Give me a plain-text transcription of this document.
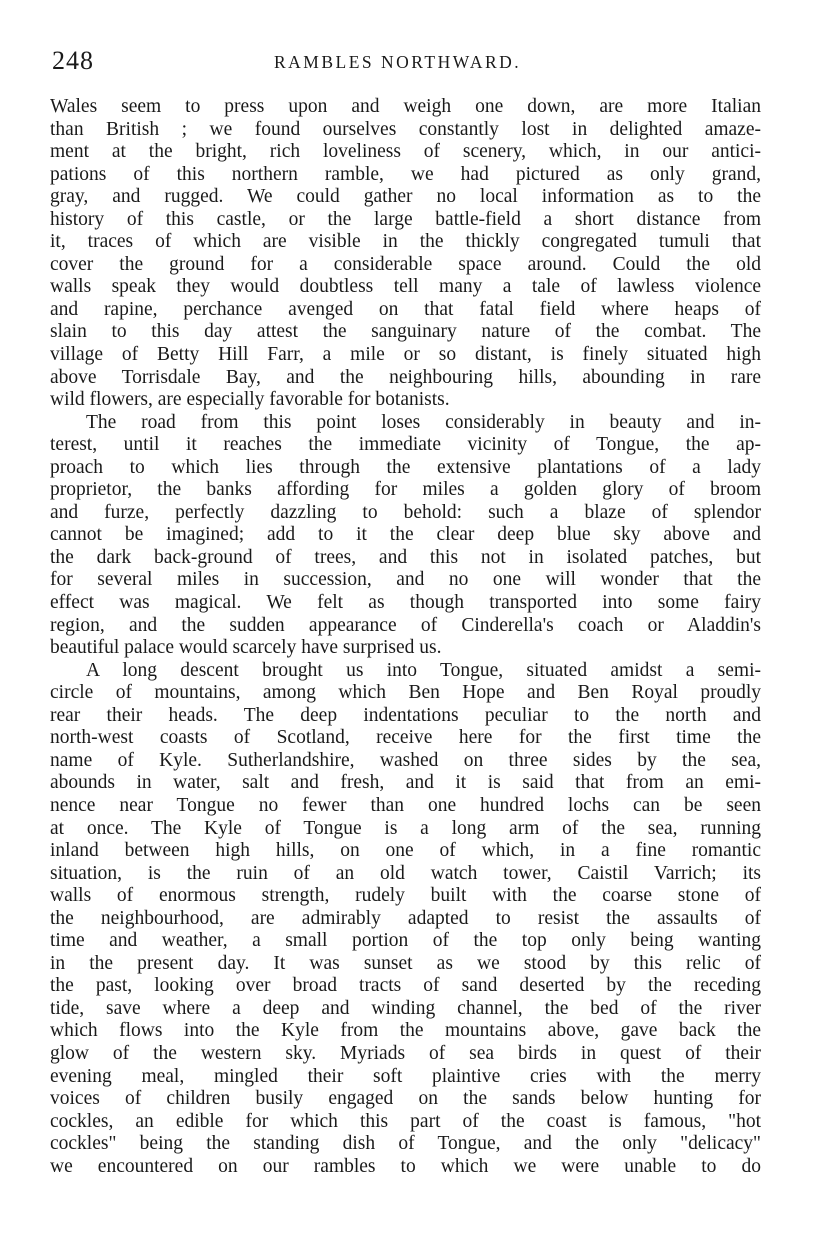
248	RAMBLES NORTHWARD.
Wales seem to press upon and weigh one down, are more Italian
than British ; we found ourselves constantly lost in delighted amaze-
ment at the bright, rich loveliness of scenery, which, in our antici-
pations of this northern ramble, we had pictured as only grand,
gray, and rugged. We could gather no local information as to the
history of this castle, or the large battle-field a short distance from
it, traces of which are visible in the thickly congregated tumuli that
cover the ground for a considerable space around. Could the old
walls speak they would doubtless tell many a tale of lawless violence
and rapine, perchance avenged on that fatal field where heaps of
slain to this day attest the sanguinary nature of the combat. The
village of Betty Hill Farr, a mile or so distant, is finely situated high
above Torrisdale Bay, and the neighbouring hills, abounding in rare
wild flowers, are especially favorable for botanists.
The road from this point loses considerably in beauty and in-
terest, until it reaches the immediate vicinity of Tongue, the ap-
proach to which lies through the extensive plantations of a lady
proprietor, the banks affording for miles a golden glory of broom
and furze, perfectly dazzling to behold: such a blaze of splendor
cannot be imagined; add to it the clear deep blue sky above and
the dark back-ground of trees, and this not in isolated patches, but
for several miles in succession, and no one will wonder that the
effect was magical. We felt as though transported into some fairy
region, and the sudden appearance of Cinderella's coach or Aladdin's
beautiful palace would scarcely have surprised us.
A long descent brought us into Tongue, situated amidst a semi-
circle of mountains, among which Ben Hope and Ben Royal proudly
rear their heads. The deep indentations peculiar to the north and
north-west coasts of Scotland, receive here for the first time the
name of Kyle. Sutherlandshire, washed on three sides by the sea,
abounds in water, salt and fresh, and it is said that from an emi-
nence near Tongue no fewer than one hundred lochs can be seen
at once. The Kyle of Tongue is a long arm of the sea, running
inland between high hills, on one of which, in a fine romantic
situation, is the ruin of an old watch tower, Caistil Varrich; its
walls of enormous strength, rudely built with the coarse stone of
the neighbourhood, are admirably adapted to resist the assaults of
time and weather, a small portion of the top only being wanting
in the present day. It was sunset as we stood by this relic of
the past, looking over broad tracts of sand deserted by the receding
tide, save where a deep and winding channel, the bed of the river
which flows into the Kyle from the mountains above, gave back the
glow of the western sky. Myriads of sea birds in quest of their
evening meal, mingled their soft plaintive cries with the merry
voices of children busily engaged on the sands below hunting for
cockles, an edible for which this part of the coast is famous, "hot
cockles" being the standing dish of Tongue, and the only "delicacy"
we encountered on our rambles to which we were unable to do
